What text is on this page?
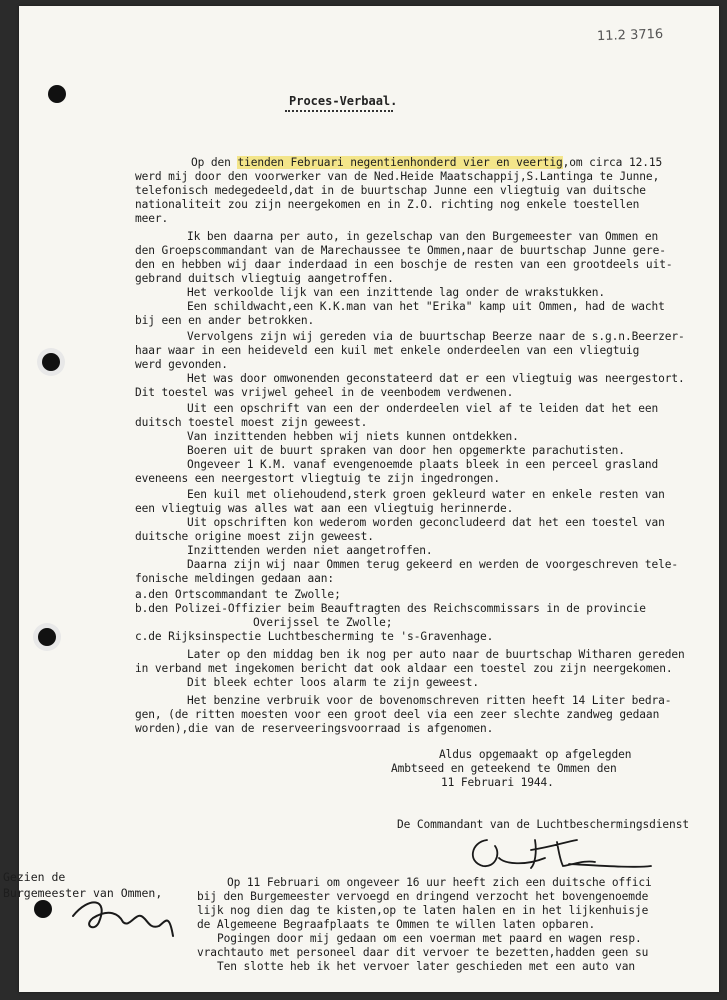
11.2 3716
Proces-Verbaal.
Op den tienden Februari negentienhonderd vier en veertig,om circa 12.15
werd mij door den voorwerker van de Ned.Heide Maatschappij,S.Lantinga te Junne,
telefonisch medegedeeld,dat in de buurtschap Junne een vliegtuig van duitsche
nationaliteit zou zijn neergekomen en in Z.O. richting nog enkele toestellen
meer.
Ik ben daarna per auto, in gezelschap van den Burgemeester van Ommen en
den Groepscommandant van de Marechaussee te Ommen,naar de buurtschap Junne gere-
den en hebben wij daar inderdaad in een boschje de resten van een grootdeels uit-
gebrand duitsch vliegtuig aangetroffen.
Het verkoolde lijk van een inzittende lag onder de wrakstukken.
Een schildwacht,een K.K.man van het "Erika" kamp uit Ommen, had de wacht
bij een en ander betrokken.
Vervolgens zijn wij gereden via de buurtschap Beerze naar de s.g.n.Beerzer-
haar waar in een heideveld een kuil met enkele onderdeelen van een vliegtuig
werd gevonden.
Het was door omwonenden geconstateerd dat er een vliegtuig was neergestort.
Dit toestel was vrijwel geheel in de veenbodem verdwenen.
Uit een opschrift van een der onderdeelen viel af te leiden dat het een
duitsch toestel moest zijn geweest.
Van inzittenden hebben wij niets kunnen ontdekken.
Boeren uit de buurt spraken van door hen opgemerkte parachutisten.
Ongeveer 1 K.M. vanaf evengenoemde plaats bleek in een perceel grasland
eveneens een neergestort vliegtuig te zijn ingedrongen.
Een kuil met oliehoudend,sterk groen gekleurd water en enkele resten van
een vliegtuig was alles wat aan een vliegtuig herinnerde.
Uit opschriften kon wederom worden geconcludeerd dat het een toestel van
duitsche origine moest zijn geweest.
Inzittenden werden niet aangetroffen.
Daarna zijn wij naar Ommen terug gekeerd en werden de voorgeschreven tele-
fonische meldingen gedaan aan:
a.den Ortscommandant te Zwolle;
b.den Polizei-Offizier beim Beauftragten des Reichscommissars in de provincie
Overijssel te Zwolle;
c.de Rijksinspectie Luchtbescherming te 's-Gravenhage.
Later op den middag ben ik nog per auto naar de buurtschap Witharen gereden
in verband met ingekomen bericht dat ook aldaar een toestel zou zijn neergekomen.
Dit bleek echter loos alarm te zijn geweest.
Het benzine verbruik voor de bovenomschreven ritten heeft 14 Liter bedra-
gen, (de ritten moesten voor een groot deel via een zeer slechte zandweg gedaan
worden),die van de reserveeringsvoorraad is afgenomen.
Aldus opgemaakt op afgelegden
Ambtseed en geteekend te Ommen den
11 Februari 1944.
De Commandant van de Luchtbeschermingsdienst
Gezien de
Burgemeester van Ommen,
Op 11 Februari om ongeveer 16 uur heeft zich een duitsche offici
bij den Burgemeester vervoegd en dringend verzocht het bovengenoemde
lijk nog dien dag te kisten,op te laten halen en in het lijkenhuisje
de Algemeene Begraafplaats te Ommen te willen laten opbaren.
Pogingen door mij gedaan om een voerman met paard en wagen resp.
vrachtauto met personeel daar dit vervoer te bezetten,hadden geen su
Ten slotte heb ik het vervoer later geschieden met een auto van
